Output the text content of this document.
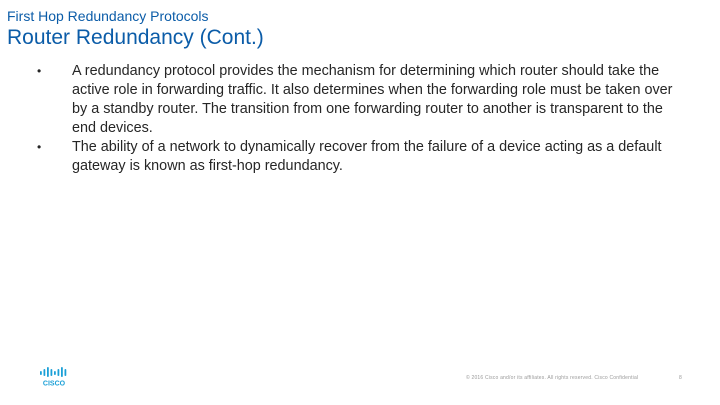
First Hop Redundancy Protocols
Router Redundancy (Cont.)
•	A redundancy protocol provides the mechanism for determining which router should take the active role in forwarding traffic. It also determines when the forwarding role must be taken over by a standby router. The transition from one forwarding router to another is transparent to the end devices.
•	The ability of a network to dynamically recover from the failure of a device acting as a default gateway is known as first-hop redundancy.
CISCO
© 2016 Cisco and/or its affiliates. All rights reserved. Cisco Confidential	8
